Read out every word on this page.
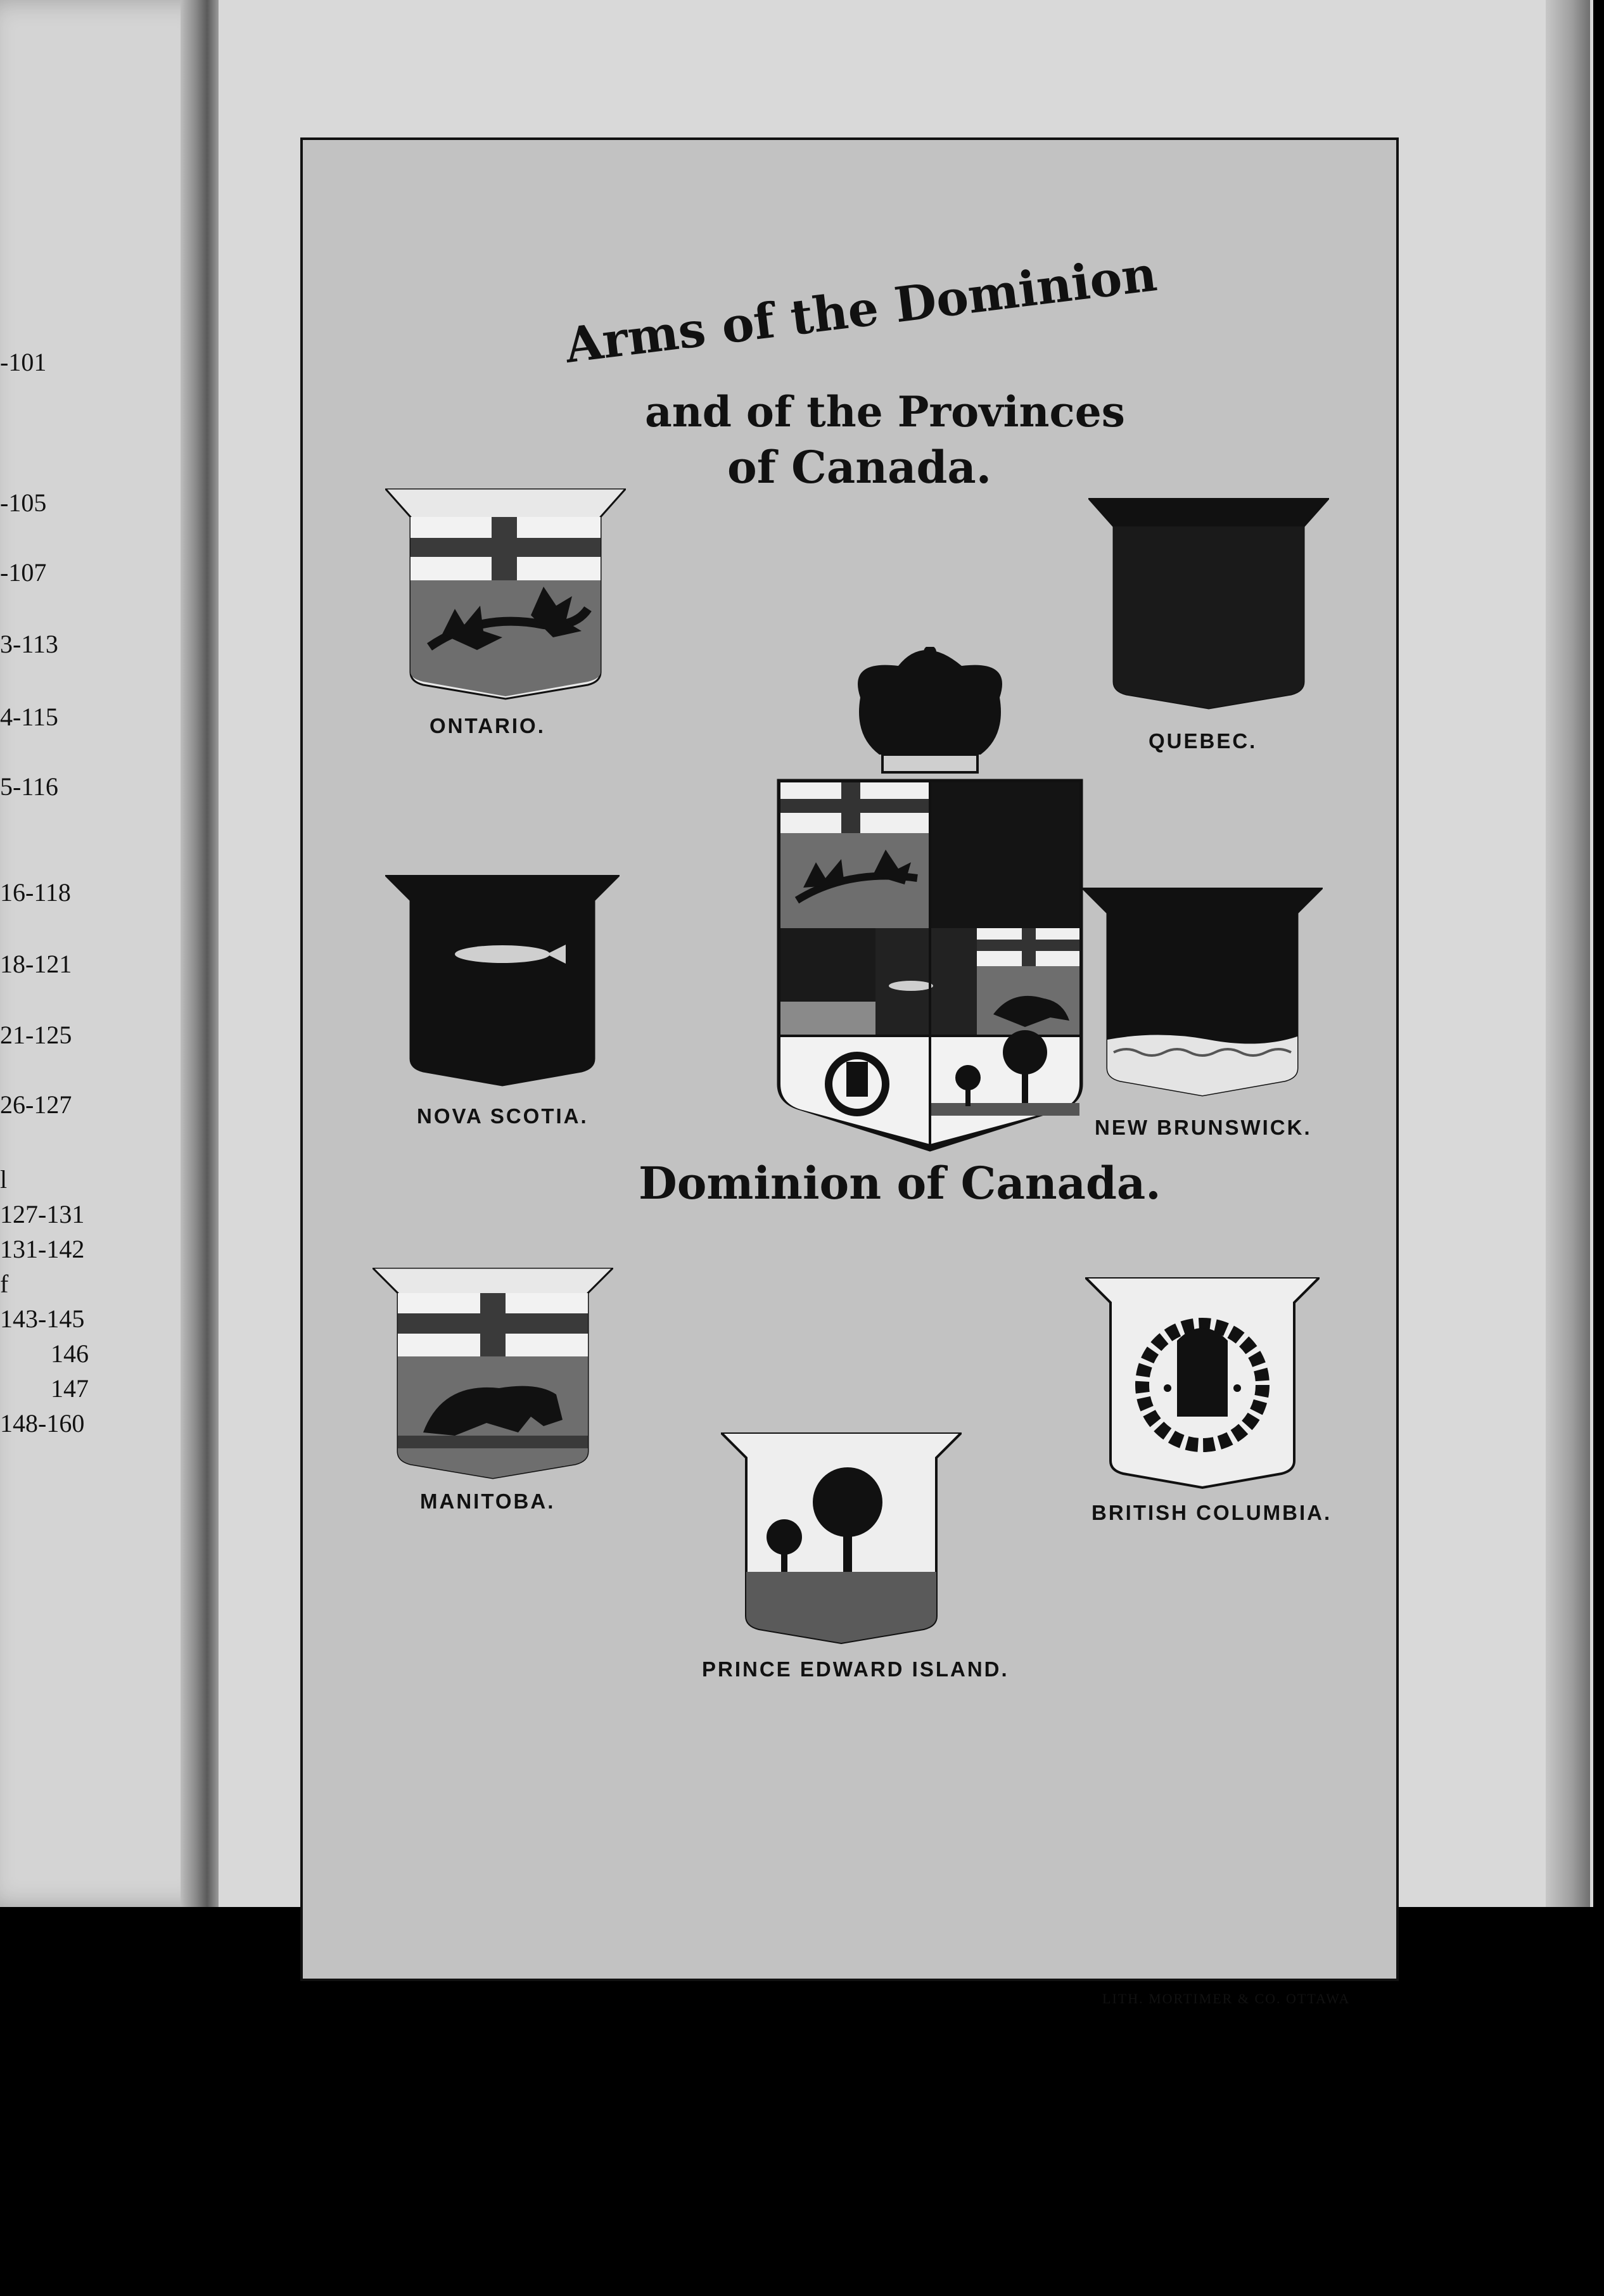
-101
-105
-107
3-113
4-115
5-116
16-118
18-121
21-125
26-127
l
127-131
131-142
f
143-145
146
147
148-160
Arms of the Dominion
and of the Provinces
of Canada.
ONTARIO.
QUEBEC.
Dominion of Canada.
NOVA SCOTIA.	NEW BRUNSWICK.
MANITOBA.	BRITISH COLUMBIA.
PRINCE EDWARD ISLAND.
LITH. MORTIMER & CO. OTTAWA
